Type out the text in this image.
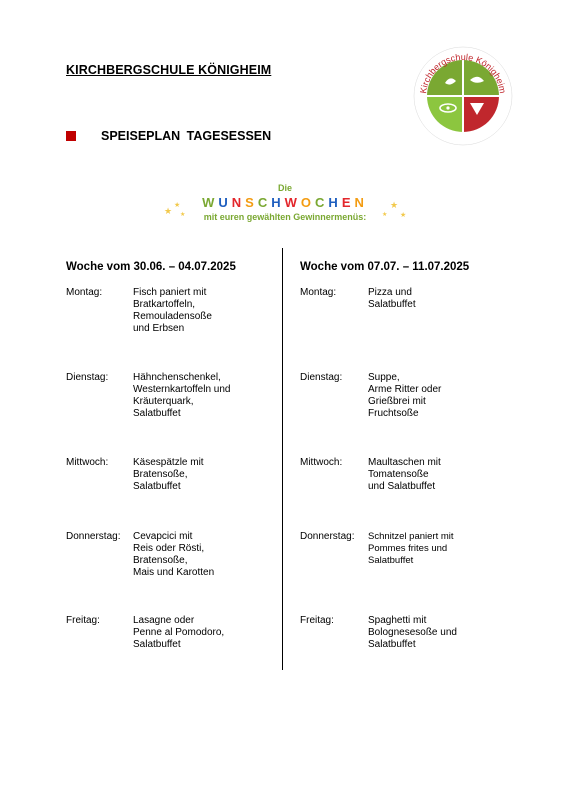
KIRCHBERGSCHULE KÖNIGHEIM
Kirchbergschule Königheim
SPEISEPLAN TAGESESSEN
Die
WUNSCHWOCHEN
mit euren gewählten Gewinnermenüs:
★
★
★
★
★
★
Woche vom 30.06. – 04.07.2025	Woche vom 07.07. – 11.07.2025
Montag:	Fisch paniert mit
Bratkartoffeln,
Remouladensoße
und Erbsen
Dienstag: Hähnchenschenkel,
Westernkartoffeln und
Kräuterquark,
Salatbuffet
Mittwoch: Käsespätzle mit
Bratensoße,
Salatbuffet
Donnerstag: Cevapcici mit
Reis oder Rösti,
Bratensoße,
Mais und Karotten
Freitag:	Lasagne oder
Penne al Pomodoro,
Salatbuffet
Montag:	Pizza und
Salatbuffet
Dienstag:	Suppe,
Arme Ritter oder
Grießbrei mit
Fruchtsoße
Mittwoch:	Maultaschen mit
Tomatensoße
und Salatbuffet
Donnerstag: Schnitzel paniert mit
Pommes frites und
Salatbuffet
Freitag:	Spaghetti mit
Bolognesesoße und
Salatbuffet
